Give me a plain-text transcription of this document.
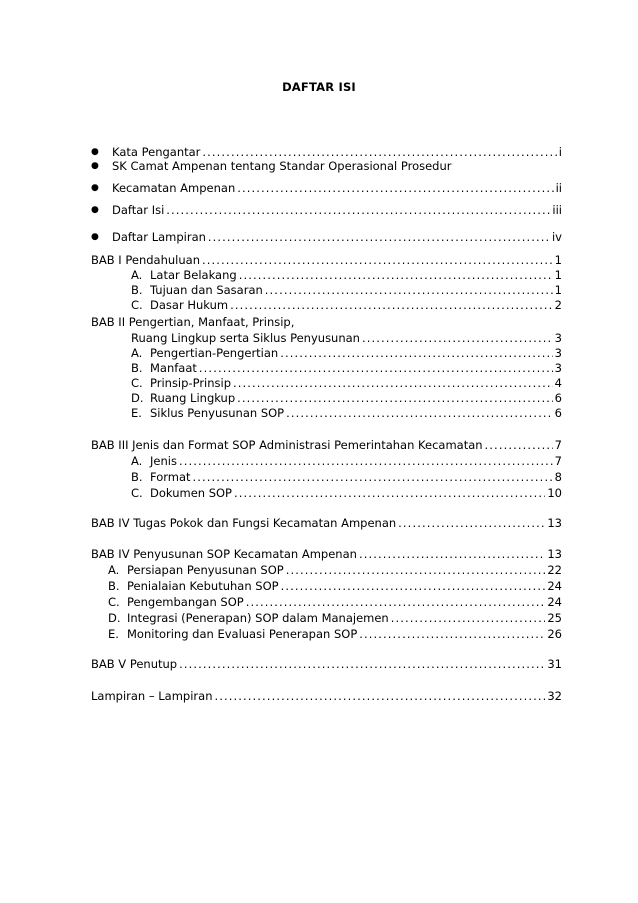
DAFTAR ISI
●
Kata Pengantar .....	i
●
SK Camat Ampenan tentang Standar Operasional Prosedur
●
Kecamatan Ampenan .....	ii
●
Daftar Isi .....	iii
●
Daftar Lampiran .....	iv
BAB I Pendahuluan .....	1
A. Latar Belakang .....	1
B. Tujuan dan Sasaran .....	1
C. Dasar Hukum .....	2
BAB II Pengertian, Manfaat, Prinsip,
Ruang Lingkup serta Siklus Penyusunan .....	3
A. Pengertian-Pengertian .....	3
B. Manfaat .....	3
C. Prinsip-Prinsip .....	4
D. Ruang Lingkup .....	6
E. Siklus Penyusunan SOP .....	6
BAB III Jenis dan Format SOP Administrasi Pemerintahan Kecamatan .....	7
A. Jenis .....	7
B. Format .....	8
C. Dokumen SOP .....	10
BAB IV Tugas Pokok dan Fungsi Kecamatan Ampenan .....	13
BAB IV Penyusunan SOP Kecamatan Ampenan .....	13
A. Persiapan Penyusunan SOP .....	22
B. Penialaian Kebutuhan SOP .....	24
C. Pengembangan SOP .....	24
D. Integrasi (Penerapan) SOP dalam Manajemen .....	25
E. Monitoring dan Evaluasi Penerapan SOP .....	26
BAB V Penutup .....	31
Lampiran – Lampiran .....	32
